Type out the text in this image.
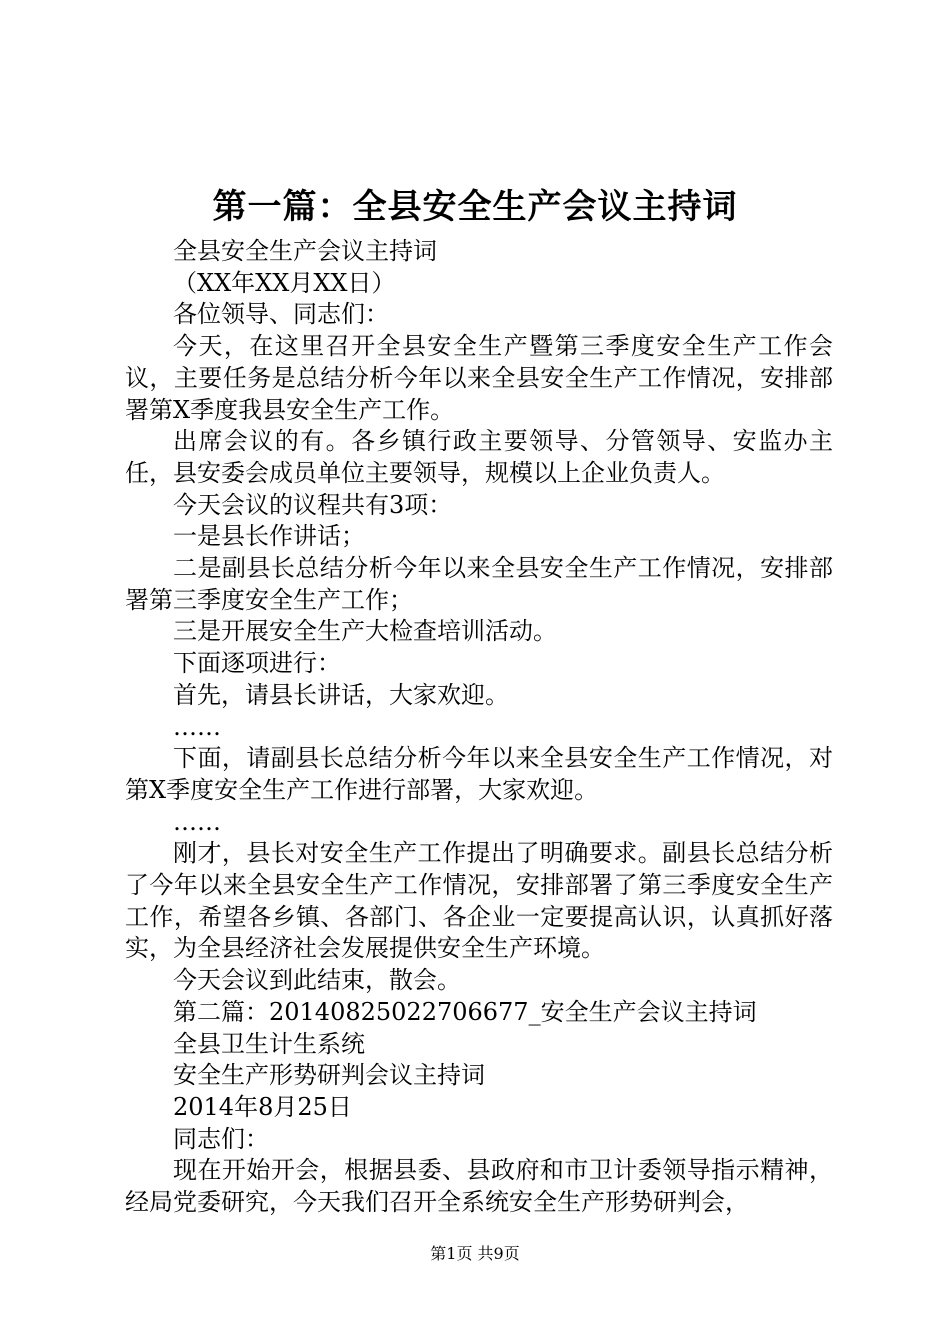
第一篇：全县安全生产会议主持词

全县安全生产会议主持词

（XX年XX月XX日）

各位领导、同志们：

今天，在这里召开全县安全生产暨第三季度安全生产工作会议，主要任务是总结分析今年以来全县安全生产工作情况，安排部署第X季度我县安全生产工作。

出席会议的有。各乡镇行政主要领导、分管领导、安监办主任，县安委会成员单位主要领导，规模以上企业负责人。

今天会议的议程共有3项：

一是县长作讲话；

二是副县长总结分析今年以来全县安全生产工作情况，安排部署第三季度安全生产工作；

三是开展安全生产大检查培训活动。

下面逐项进行：

首先，请县长讲话，大家欢迎。

……

下面，请副县长总结分析今年以来全县安全生产工作情况，对第X季度安全生产工作进行部署，大家欢迎。

……

刚才，县长对安全生产工作提出了明确要求。副县长总结分析了今年以来全县安全生产工作情况，安排部署了第三季度安全生产工作，希望各乡镇、各部门、各企业一定要提高认识，认真抓好落实，为全县经济社会发展提供安全生产环境。

今天会议到此结束，散会。

第二篇：20140825022706677_安全生产会议主持词

全县卫生计生系统

安全生产形势研判会议主持词

2014年8月25日

同志们：

现在开始开会，根据县委、县政府和市卫计委领导指示精神，经局党委研究，今天我们召开全系统安全生产形势研判会，

第1页 共9页
